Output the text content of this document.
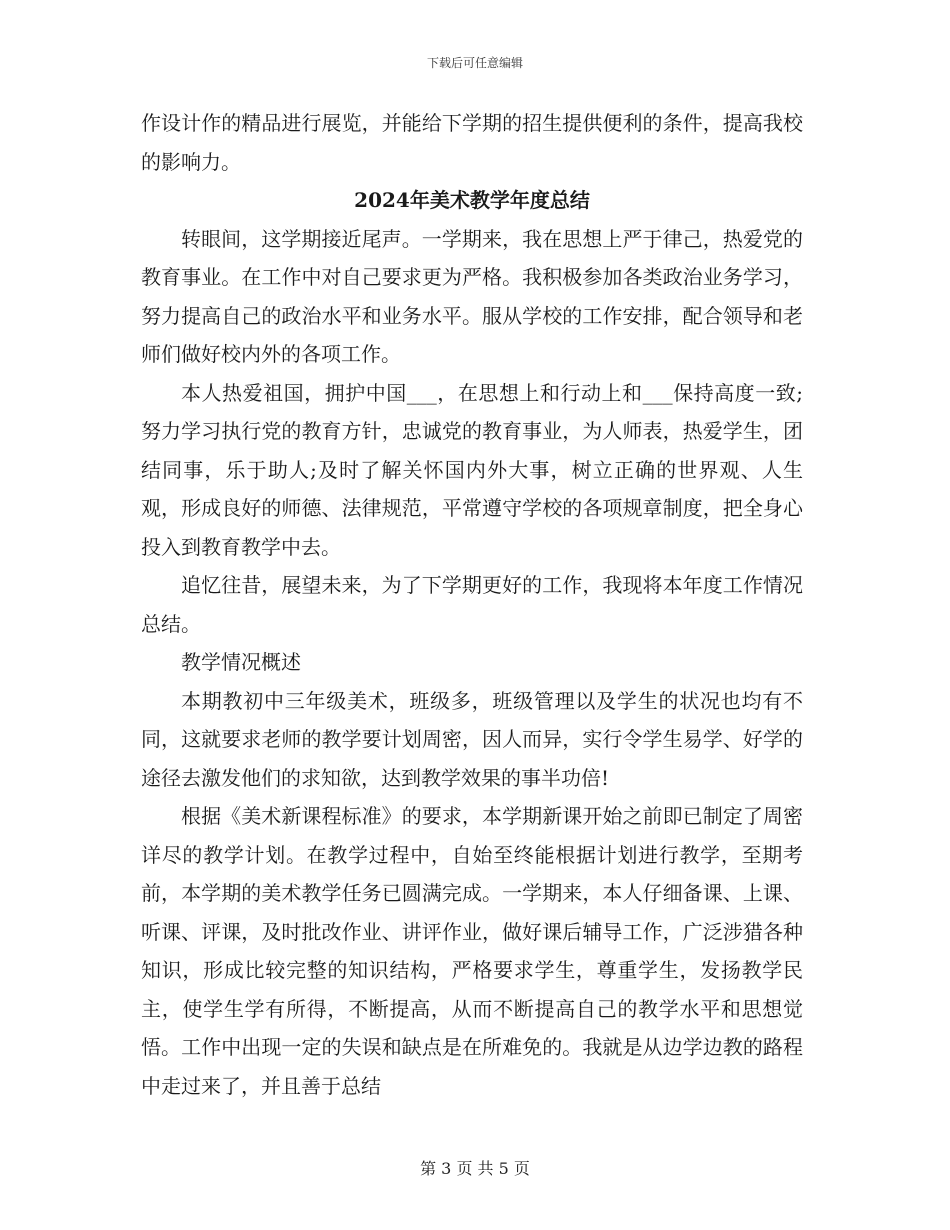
下载后可任意编辑

作设计作的精品进行展览，并能给下学期的招生提供便利的条件，提高我校的影响力。

2024年美术教学年度总结

转眼间，这学期接近尾声。一学期来，我在思想上严于律己，热爱党的教育事业。在工作中对自己要求更为严格。我积极参加各类政治业务学习，努力提高自己的政治水平和业务水平。服从学校的工作安排，配合领导和老师们做好校内外的各项工作。

本人热爱祖国，拥护中国___，在思想上和行动上和___保持高度一致;努力学习执行党的教育方针，忠诚党的教育事业，为人师表，热爱学生，团结同事，乐于助人;及时了解关怀国内外大事，树立正确的世界观、人生观，形成良好的师德、法律规范，平常遵守学校的各项规章制度，把全身心投入到教育教学中去。

追忆往昔，展望未来，为了下学期更好的工作，我现将本年度工作情况总结。

教学情况概述

本期教初中三年级美术，班级多，班级管理以及学生的状况也均有不同，这就要求老师的教学要计划周密，因人而异，实行令学生易学、好学的途径去激发他们的求知欲，达到教学效果的事半功倍!

根据《美术新课程标准》的要求，本学期新课开始之前即已制定了周密详尽的教学计划。在教学过程中，自始至终能根据计划进行教学，至期考前，本学期的美术教学任务已圆满完成。一学期来，本人仔细备课、上课、听课、评课，及时批改作业、讲评作业，做好课后辅导工作，广泛涉猎各种知识，形成比较完整的知识结构，严格要求学生，尊重学生，发扬教学民主，使学生学有所得，不断提高，从而不断提高自己的教学水平和思想觉悟。工作中出现一定的失误和缺点是在所难免的。我就是从边学边教的路程中走过来了，并且善于总结

第 3 页 共 5 页
